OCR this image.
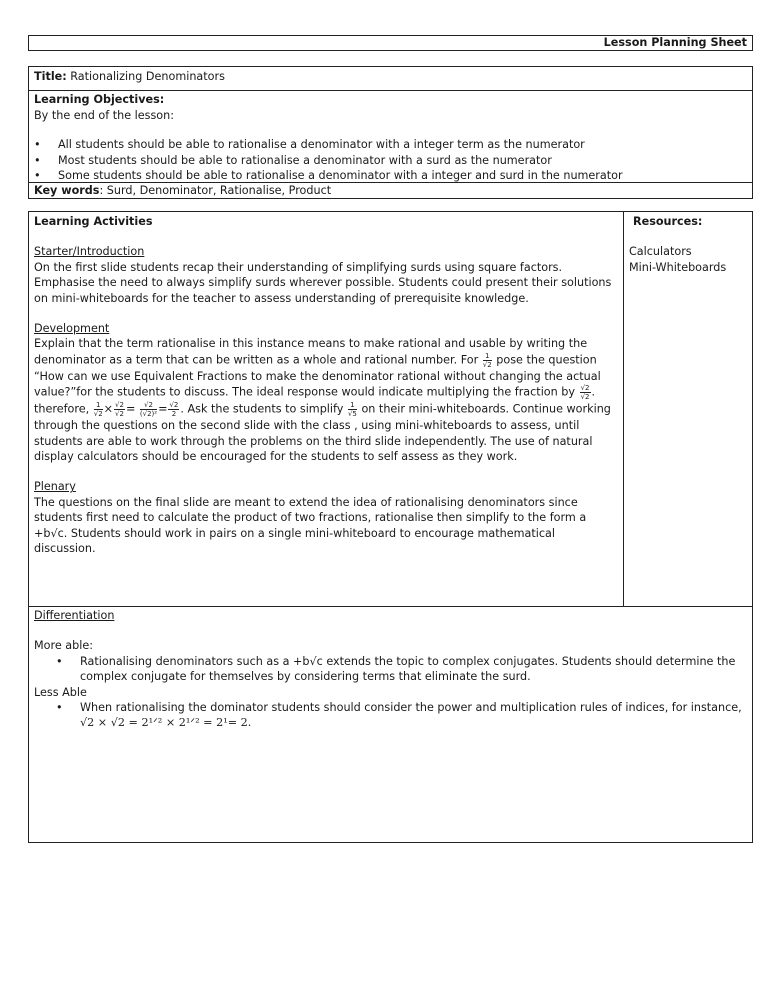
Lesson Planning Sheet
Title: Rationalizing Denominators
Learning Objectives:
By the end of the lesson:
• All students should be able to rationalise a denominator with a integer term as the numerator
• Most students should be able to rationalise a denominator with a surd as the numerator
• Some students should be able to rationalise a denominator with a integer and surd in the numerator
Key words: Surd, Denominator, Rationalise, Product
Learning Activities
Starter/Introduction

On the first slide students recap their understanding of simplifying surds using square factors. Emphasise the need to always simplify surds wherever possible. Students could present their solutions on mini-whiteboards for the teacher to assess understanding of prerequisite knowledge.

Development

Explain that the term rationalise in this instance means to make rational and usable by writing the denominator as a term that can be written as a whole and rational number. For $\frac{1}{√2}$ pose the question “How can we use Equivalent Fractions to make the denominator rational without changing the actual value?”for the students to discuss. The ideal response would indicate multiplying the fraction by $\frac{√2}{√2}$ . therefore, $\frac{1}{√2} \times \frac{√2}{√2} = \frac{√2}{\text{(√2)²}} = \frac{√2}{2}$ . Ask the students to simplify $\frac{1}{√5}$ on their mini-whiteboards. Continue working through the questions on the second slide with the class , using mini-whiteboards to assess, until students are able to work through the problems on the third slide independently. The use of natural display calculators should be encouraged for the students to self assess as they work.

Plenary

The questions on the final slide are meant to extend the idea of rationalising denominators since students first need to calculate the product of two fractions, rationalise then simplify to the form a +b√c. Students should work in pairs on a single mini-whiteboard to encourage mathematical discussion.

Resources:
Calculators
Mini-Whiteboards
Differentiation
More able:
• Rationalising denominators such as a +b√c extends the topic to complex conjugates. Students should determine the complex conjugate for themselves by considering terms that eliminate the surd.
Less Able
• When rationalising the dominator students should consider the power and multiplication rules of indices, for instance, √2 × √2 = 2¹ᐟ² × 2¹ᐟ² = 2¹= 2.
